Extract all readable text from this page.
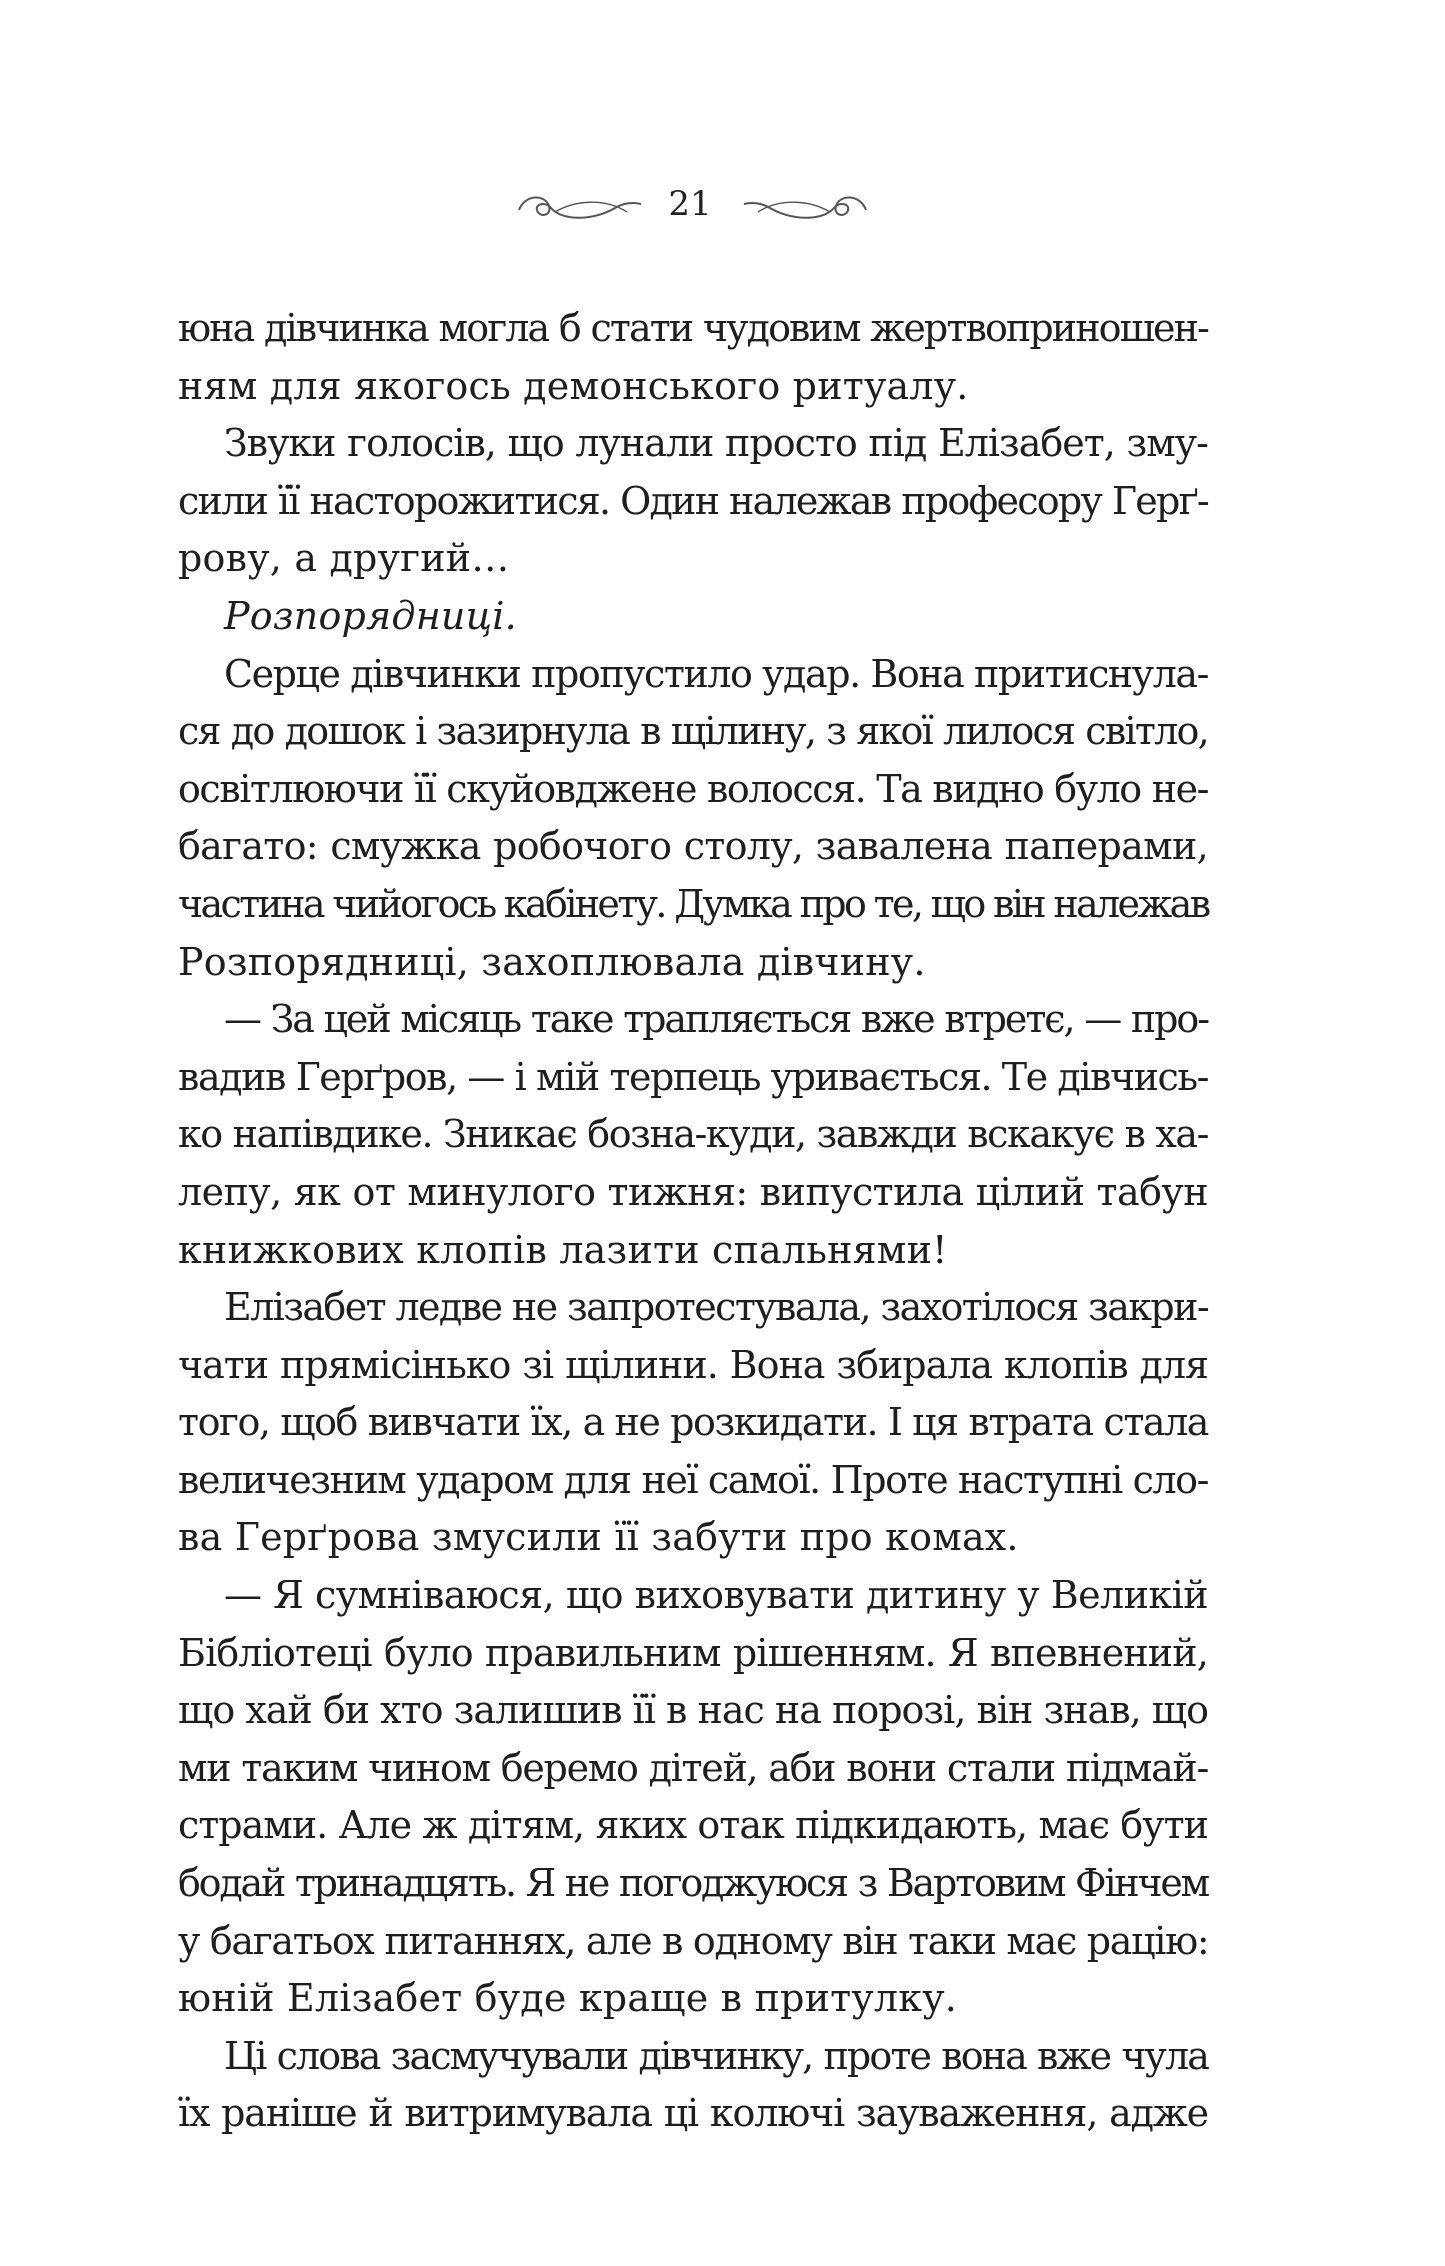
21
юна дівчинка могла б стати чудовим жертвоприношен-
ням для якогось демонського ритуалу.
Звуки голосів, що лунали просто під Елізабет, зму-
сили її насторожитися. Один належав професору Герґ-
рову, а другий…
Розпорядниці.
Серце дівчинки пропустило удар. Вона притиснула-
ся до дошок і зазирнула в щілину, з якої лилося світло,
освітлюючи її скуйовджене волосся. Та видно було не-
багато: смужка робочого столу, завалена паперами,
частина чийогось кабінету. Думка про те, що він належав
Розпорядниці, захоплювала дівчину.
— За цей місяць таке трапляється вже втретє, — про-
вадив Герґров, — і мій терпець уривається. Те дівчись-
ко напівдике. Зникає бозна-куди, завжди вскакує в ха-
лепу, як от минулого тижня: випустила цілий табун
книжкових клопів лазити спальнями!
Елізабет ледве не запротестувала, захотілося закри-
чати прямісінько зі щілини. Вона збирала клопів для
того, щоб вивчати їх, а не розкидати. І ця втрата стала
величезним ударом для неї самої. Проте наступні сло-
ва Герґрова змусили її забути про комах.
— Я сумніваюся, що виховувати дитину у Великій
Бібліотеці було правильним рішенням. Я впевнений,
що хай би хто залишив її в нас на порозі, він знав, що
ми таким чином беремо дітей, аби вони стали підмай-
страми. Але ж дітям, яких отак підкидають, має бути
бодай тринадцять. Я не погоджуюся з Вартовим Фінчем
у багатьох питаннях, але в одному він таки має рацію:
юній Елізабет буде краще в притулку.
Ці слова засмучували дівчинку, проте вона вже чула
їх раніше й витримувала ці колючі зауваження, адже
